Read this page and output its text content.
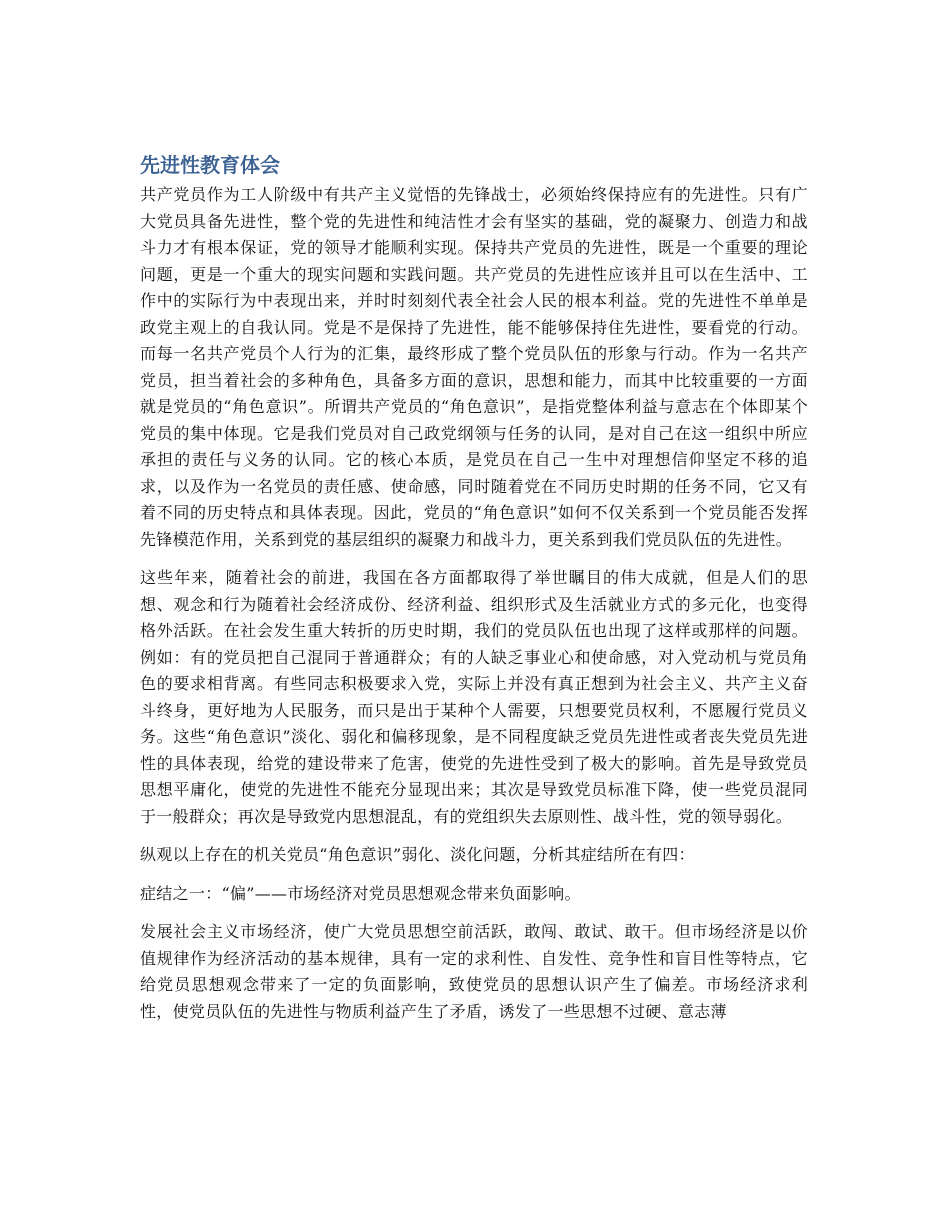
先进性教育体会

共产党员作为工人阶级中有共产主义觉悟的先锋战士，必须始终保持应有的先进性。只有广大党员具备先进性，整个党的先进性和纯洁性才会有坚实的基础，党的凝聚力、创造力和战斗力才有根本保证，党的领导才能顺利实现。保持共产党员的先进性，既是一个重要的理论问题，更是一个重大的现实问题和实践问题。共产党员的先进性应该并且可以在生活中、工作中的实际行为中表现出来，并时时刻刻代表全社会人民的根本利益。党的先进性不单单是政党主观上的自我认同。党是不是保持了先进性，能不能够保持住先进性，要看党的行动。而每一名共产党员个人行为的汇集，最终形成了整个党员队伍的形象与行动。作为一名共产党员，担当着社会的多种角色，具备多方面的意识，思想和能力，而其中比较重要的一方面就是党员的“角色意识”。所谓共产党员的“角色意识”，是指党整体利益与意志在个体即某个党员的集中体现。它是我们党员对自己政党纲领与任务的认同，是对自己在这一组织中所应承担的责任与义务的认同。它的核心本质，是党员在自己一生中对理想信仰坚定不移的追求，以及作为一名党员的责任感、使命感，同时随着党在不同历史时期的任务不同，它又有着不同的历史特点和具体表现。因此，党员的“角色意识”如何不仅关系到一个党员能否发挥先锋模范作用，关系到党的基层组织的凝聚力和战斗力，更关系到我们党员队伍的先进性。

这些年来，随着社会的前进，我国在各方面都取得了举世瞩目的伟大成就，但是人们的思想、观念和行为随着社会经济成份、经济利益、组织形式及生活就业方式的多元化，也变得格外活跃。在社会发生重大转折的历史时期，我们的党员队伍也出现了这样或那样的问题。例如：有的党员把自己混同于普通群众；有的人缺乏事业心和使命感，对入党动机与党员角色的要求相背离。有些同志积极要求入党，实际上并没有真正想到为社会主义、共产主义奋斗终身，更好地为人民服务，而只是出于某种个人需要，只想要党员权利，不愿履行党员义务。这些“角色意识”淡化、弱化和偏移现象，是不同程度缺乏党员先进性或者丧失党员先进性的具体表现，给党的建设带来了危害，使党的先进性受到了极大的影响。首先是导致党员思想平庸化，使党的先进性不能充分显现出来；其次是导致党员标准下降，使一些党员混同于一般群众；再次是导致党内思想混乱，有的党组织失去原则性、战斗性，党的领导弱化。

纵观以上存在的机关党员“角色意识”弱化、淡化问题，分析其症结所在有四：

症结之一：“偏”——市场经济对党员思想观念带来负面影响。

发展社会主义市场经济，使广大党员思想空前活跃，敢闯、敢试、敢干。但市场经济是以价值规律作为经济活动的基本规律，具有一定的求利性、自发性、竞争性和盲目性等特点，它给党员思想观念带来了一定的负面影响，致使党员的思想认识产生了偏差。市场经济求利性，使党员队伍的先进性与物质利益产生了矛盾，诱发了一些思想不过硬、意志薄
